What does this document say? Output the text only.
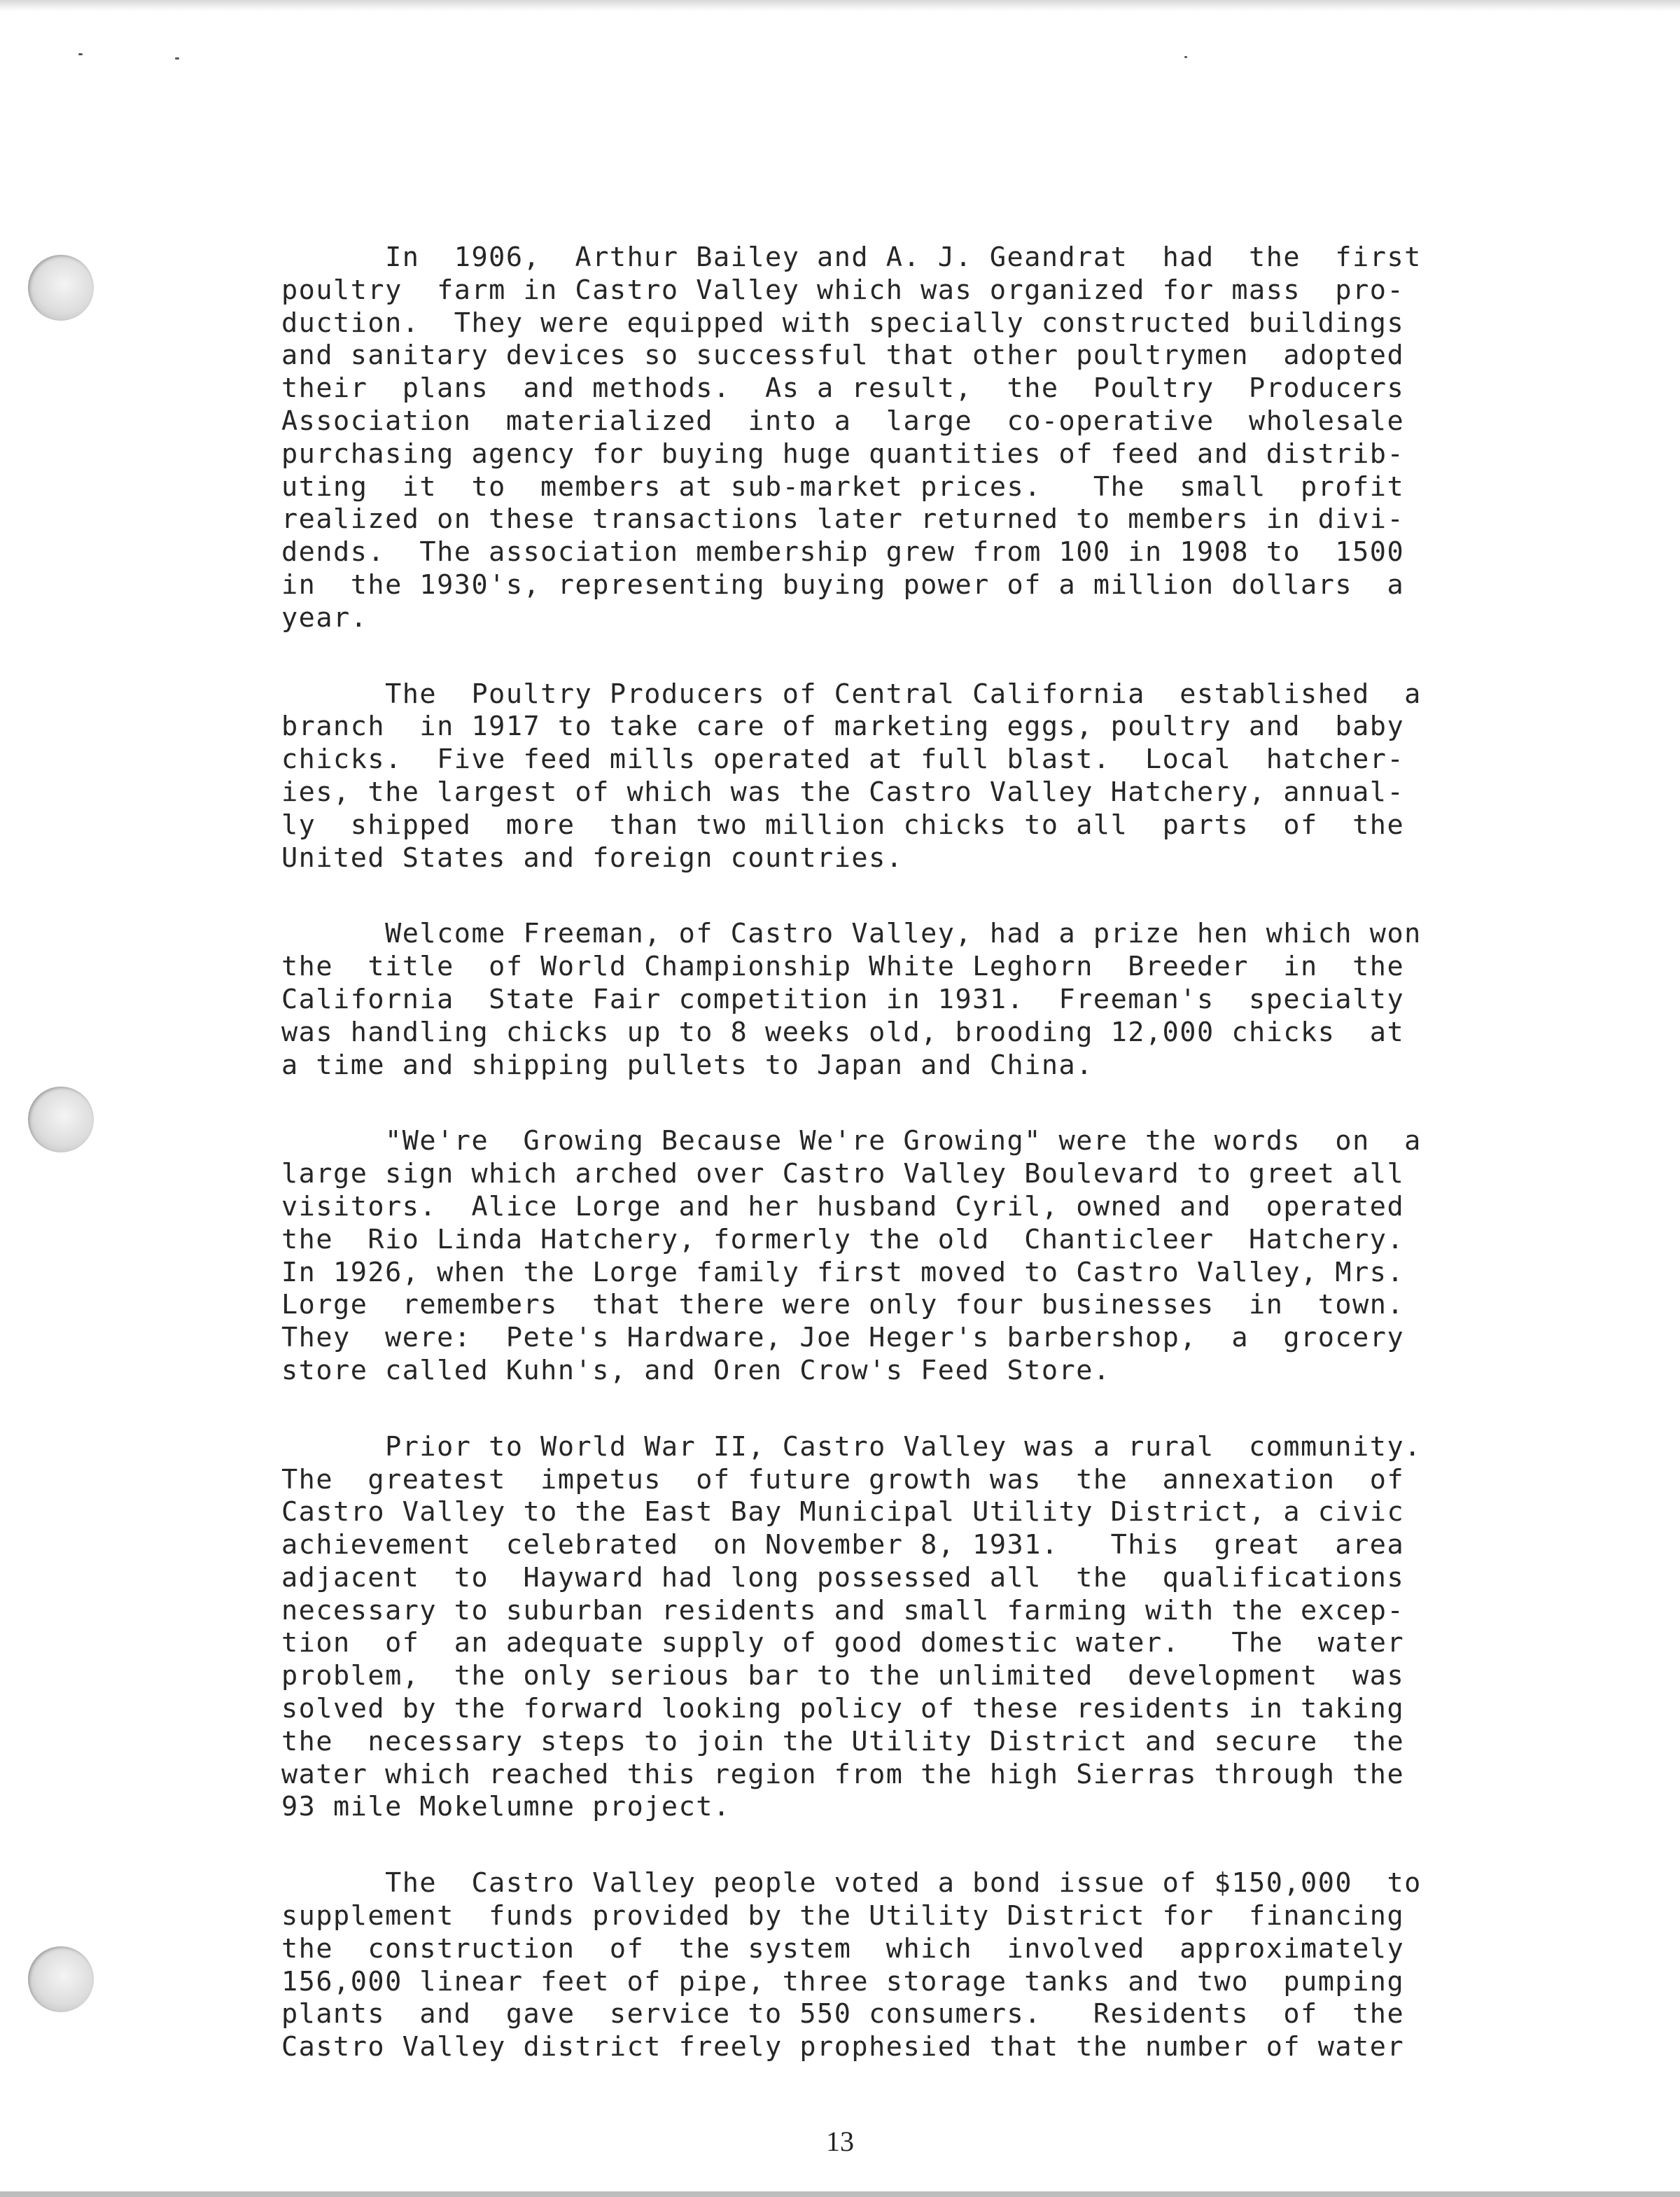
In  1906,  Arthur Bailey and A. J. Geandrat  had  the  first
poultry  farm in Castro Valley which was organized for mass  pro-
duction.  They were equipped with specially constructed buildings
and sanitary devices so successful that other poultrymen  adopted
their  plans  and methods.  As a result,  the  Poultry  Producers
Association  materialized  into a  large  co-operative  wholesale
purchasing agency for buying huge quantities of feed and distrib-
uting  it  to  members at sub-market prices.   The  small  profit
realized on these transactions later returned to members in divi-
dends.  The association membership grew from 100 in 1908 to  1500
in  the 1930's, representing buying power of a million dollars  a
year.
The  Poultry Producers of Central California  established  a
branch  in 1917 to take care of marketing eggs, poultry and  baby
chicks.  Five feed mills operated at full blast.  Local  hatcher-
ies, the largest of which was the Castro Valley Hatchery, annual-
ly  shipped  more  than two million chicks to all  parts  of  the
United States and foreign countries.
Welcome Freeman, of Castro Valley, had a prize hen which won
the  title  of World Championship White Leghorn  Breeder  in  the
California  State Fair competition in 1931.  Freeman's  specialty
was handling chicks up to 8 weeks old, brooding 12,000 chicks  at
a time and shipping pullets to Japan and China.
"We're  Growing Because We're Growing" were the words  on  a
large sign which arched over Castro Valley Boulevard to greet all
visitors.  Alice Lorge and her husband Cyril, owned and  operated
the  Rio Linda Hatchery, formerly the old  Chanticleer  Hatchery.
In 1926, when the Lorge family first moved to Castro Valley, Mrs.
Lorge  remembers  that there were only four businesses  in  town.
They  were:  Pete's Hardware, Joe Heger's barbershop,  a  grocery
store called Kuhn's, and Oren Crow's Feed Store.
Prior to World War II, Castro Valley was a rural  community.
The  greatest  impetus  of future growth was  the  annexation  of
Castro Valley to the East Bay Municipal Utility District, a civic
achievement  celebrated  on November 8, 1931.   This  great  area
adjacent  to  Hayward had long possessed all  the  qualifications
necessary to suburban residents and small farming with the excep-
tion  of  an adequate supply of good domestic water.   The  water
problem,  the only serious bar to the unlimited  development  was
solved by the forward looking policy of these residents in taking
the  necessary steps to join the Utility District and secure  the
water which reached this region from the high Sierras through the
93 mile Mokelumne project.
The  Castro Valley people voted a bond issue of $150,000  to
supplement  funds provided by the Utility District for  financing
the  construction  of  the system  which  involved  approximately
156,000 linear feet of pipe, three storage tanks and two  pumping
plants  and  gave  service to 550 consumers.   Residents  of  the
Castro Valley district freely prophesied that the number of water
13
